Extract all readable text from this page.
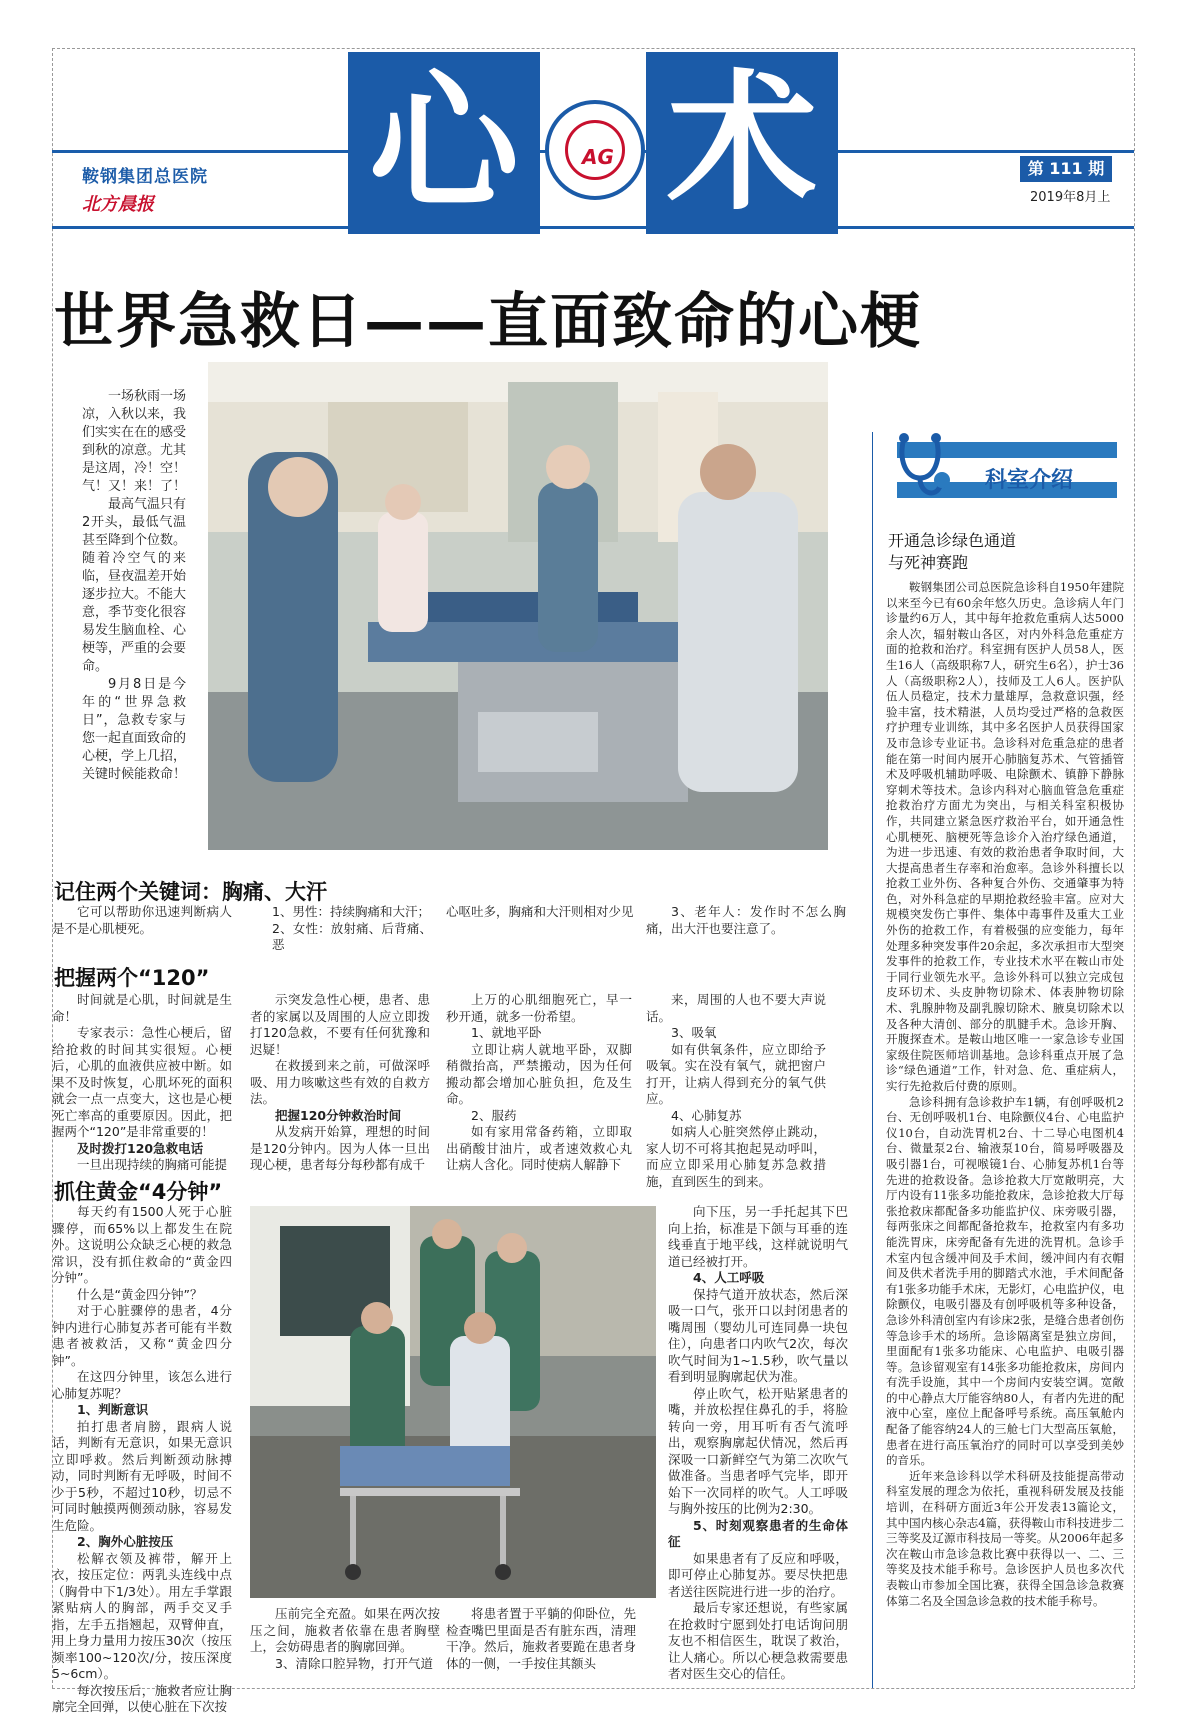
心 术
AG
鞍钢集团总医院
北方晨报
第 111 期
2019年8月上
世界急救日——直面致命的心梗

一场秋雨一场凉，入秋以来，我们实实在在的感受到秋的凉意。尤其是这周，冷！空！气！又！来！了！

最高气温只有2开头，最低气温甚至降到个位数。随着冷空气的来临，昼夜温差开始逐步拉大。不能大意，季节变化很容易发生脑血栓、心梗等，严重的会要命。

9月8日是今年的“世界急救日”，急救专家与您一起直面致命的心梗，学上几招，关键时候能救命！

记住两个关键词：胸痛、大汗

它可以帮助你迅速判断病人是不是心肌梗死。

1、男性：持续胸痛和大汗；
2、女性：放射痛、后背痛、恶
心呕吐多，胸痛和大汗则相对少见	3、老年人：发作时不怎么胸痛，出大汗也要注意了。

把握两个“120”

时间就是心肌，时间就是生命！

专家表示：急性心梗后，留给抢救的时间其实很短。心梗后，心肌的血液供应被中断。如果不及时恢复，心肌坏死的面积就会一点一点变大，这也是心梗死亡率高的重要原因。因此，把握两个“120”是非常重要的！

及时拨打120急救电话

一旦出现持续的胸痛可能提

示突发急性心梗，患者、患者的家属以及周围的人应立即拨打120急救，不要有任何犹豫和迟疑！

在救援到来之前，可做深呼吸、用力咳嗽这些有效的自救方法。

把握120分钟救治时间

从发病开始算，理想的时间是120分钟内。因为人体一旦出现心梗，患者每分每秒都有成千

上万的心肌细胞死亡，早一秒开通，就多一份希望。

1、就地平卧

立即让病人就地平卧，双脚稍微抬高，严禁搬动，因为任何搬动都会增加心脏负担，危及生命。

2、服药

如有家用常备药箱，立即取出硝酸甘油片，或者速效救心丸让病人含化。同时使病人解静下

来，周围的人也不要大声说话。

3、吸氧

如有供氧条件，应立即给予吸氧。实在没有氧气，就把窗户打开，让病人得到充分的氧气供应。

4、心肺复苏

如病人心脏突然停止跳动，家人切不可将其抱起晃动呼叫，而应立即采用心肺复苏急救措施，直到医生的到来。

抓住黄金“4分钟”

每天约有1500人死于心脏骤停，而65%以上都发生在院外。这说明公众缺乏心梗的救急常识，没有抓住救命的“黄金四分钟”。

什么是“黄金四分钟”？

对于心脏骤停的患者，4分钟内进行心肺复苏者可能有半数患者被救活，又称“黄金四分钟”。

在这四分钟里，该怎么进行心肺复苏呢？

1、判断意识

拍打患者肩膀，跟病人说话，判断有无意识，如果无意识立即呼救。然后判断颈动脉搏动，同时判断有无呼吸，时间不少于5秒，不超过10秒，切忌不可同时触摸两侧颈动脉，容易发生危险。

2、胸外心脏按压

松解衣领及裤带，解开上衣，按压定位：两乳头连线中点（胸骨中下1/3处）。用左手掌跟紧贴病人的胸部，两手交叉手指，左手五指翘起，双臂伸直，用上身力量用力按压30次（按压频率100~120次/分，按压深度5~6cm）。

每次按压后，施救者应让胸廓完全回弹，以使心脏在下次按

压前完全充盈。如果在两次按压之间，施救者依靠在患者胸壁上，会妨碍患者的胸廓回弹。

3、清除口腔异物，打开气道

将患者置于平躺的仰卧位，先检查嘴巴里面是否有脏东西，清理干净。然后，施救者要跪在患者身体的一侧，一手按住其额头

向下压，另一手托起其下巴向上抬，标准是下颌与耳垂的连线垂直于地平线，这样就说明气道已经被打开。

4、人工呼吸

保持气道开放状态，然后深吸一口气，张开口以封闭患者的嘴周围（婴幼儿可连同鼻一块包住），向患者口内吹气2次，每次吹气时间为1~1.5秒，吹气量以看到明显胸廓起伏为准。

停止吹气，松开贴紧患者的嘴，并放松捏住鼻孔的手，将脸转向一旁，用耳听有否气流呼出，观察胸廓起伏情况，然后再深吸一口新鲜空气为第二次吹气做准备。当患者呼气完毕，即开始下一次同样的吹气。人工呼吸与胸外按压的比例为2:30。

5、时刻观察患者的生命体征

如果患者有了反应和呼吸，即可停止心肺复苏。要尽快把患者送往医院进行进一步的治疗。

最后专家还想说，有些家属在抢救时宁愿到处打电话询问朋友也不相信医生，耽误了救治，让人痛心。所以心梗急救需要患者对医生交心的信任。

科室介绍
开通急诊绿色通道
与死神赛跑

鞍钢集团公司总医院急诊科自1950年建院以来至今已有60余年悠久历史。急诊病人年门诊量约6万人，其中每年抢救危重病人达5000余人次，辐射鞍山各区，对内外科急危重症方面的抢救和治疗。科室拥有医护人员58人，医生16人（高级职称7人，研究生6名），护士36人（高级职称2人），技师及工人6人。医护队伍人员稳定，技术力量雄厚，急救意识强，经验丰富，技术精湛，人员均受过严格的急救医疗护理专业训练，其中多名医护人员获得国家及市急诊专业证书。急诊科对危重急症的患者能在第一时间内展开心肺脑复苏术、气管插管术及呼吸机辅助呼吸、电除颤术、镇静下静脉穿刺术等技术。急诊内科对心脑血管急危重症抢救治疗方面尤为突出，与相关科室积极协作，共同建立紧急医疗救治平台，如开通急性心肌梗死、脑梗死等急诊介入治疗绿色通道，为进一步迅速、有效的救治患者争取时间，大大提高患者生存率和治愈率。急诊外科擅长以抢救工业外伤、各种复合外伤、交通肇事为特色，对外科急症的早期抢救经验丰富。应对大规模突发伤亡事件、集体中毒事件及重大工业外伤的抢救工作，有着极强的应变能力，每年处理多种突发事件20余起，多次承担市大型突发事件的抢救工作，专业技术水平在鞍山市处于同行业领先水平。急诊外科可以独立完成包皮环切术、头皮肿物切除术、体表肿物切除术、乳腺肿物及副乳腺切除术、腋臭切除术以及各种大清创、部分的肌腱手术。急诊开胸、开腹探查术。是鞍山地区唯一一家急诊专业国家级住院医师培训基地。急诊科重点开展了急诊“绿色通道”工作，针对急、危、重症病人，实行先抢救后付费的原则。

急诊科拥有急诊救护车1辆，有创呼吸机2台、无创呼吸机1台、电除颤仪4台、心电监护仪10台，自动洗胃机2台、十二导心电图机4台、微量泵2台、输液泵10台，简易呼吸器及吸引器1台，可视喉镜1台、心肺复苏机1台等先进的抢救设备。急诊抢救大厅宽敞明亮，大厅内设有11张多功能抢救床，急诊抢救大厅每张抢救床都配备多功能监护仪、床旁吸引器，每两张床之间都配备抢救车，抢救室内有多功能洗胃床，床旁配备有先进的洗胃机。急诊手术室内包含缓冲间及手术间，缓冲间内有衣帽间及供术者洗手用的脚踏式水池，手术间配备有1张多功能手术床，无影灯，心电监护仪，电除颤仪，电吸引器及有创呼吸机等多种设备，急诊外科清创室内有诊床2张，是缝合患者创伤等急诊手术的场所。急诊隔离室是独立房间，里面配有1张多功能床、心电监护、电吸引器等。急诊留观室有14张多功能抢救床，房间内有洗手设施，其中一个房间内安装空调。宽敞的中心静点大厅能容纳80人，有者内先进的配液中心室，座位上配备呼号系统。高压氧舱内配备了能容纳24人的三舱七门大型高压氧舱，患者在进行高压氧治疗的同时可以享受到美妙的音乐。

近年来急诊科以学术科研及技能提高带动科室发展的理念为依托，重视科研发展及技能培训，在科研方面近3年公开发表13篇论文，其中国内核心杂志4篇，获得鞍山市科技进步二三等奖及辽源市科技局一等奖。从2006年起多次在鞍山市急诊急救比赛中获得以一、二、三等奖及技术能手称号。急诊医护人员也多次代表鞍山市参加全国比赛，获得全国急诊急救赛体第二名及全国急诊急救的技术能手称号。
